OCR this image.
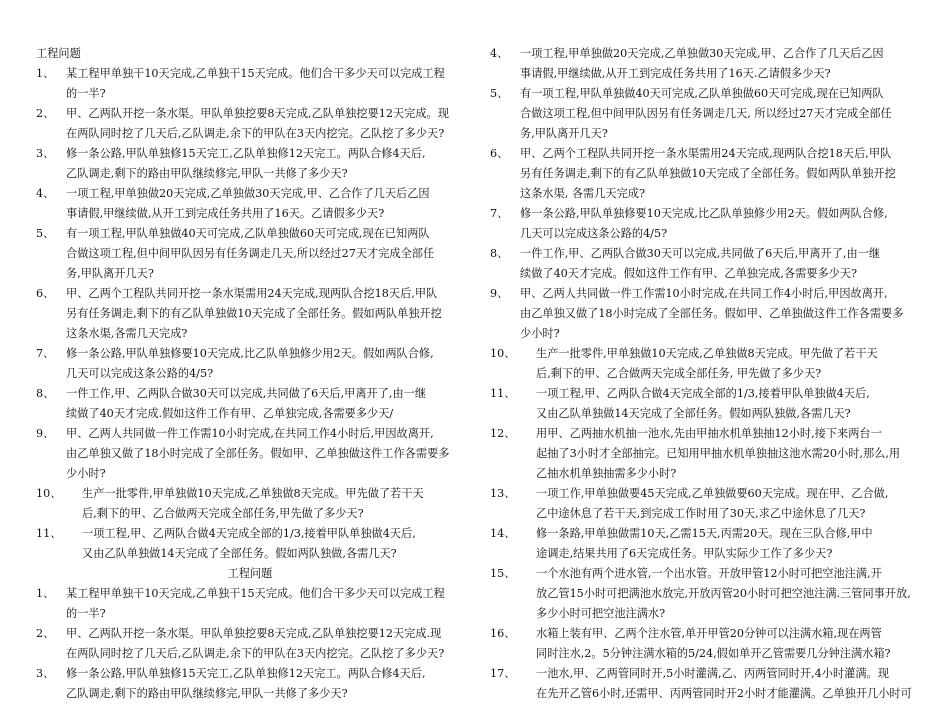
工程问题
1、	某工程甲单独干10天完成,乙单独干15天完成。他们合干多少天可以完成工程
的一半?
2、	甲、乙两队开挖一条水渠。甲队单独挖要8天完成,乙队单独挖要12天完成。现
在两队同时挖了几天后,乙队调走,余下的甲队在3天内挖完。乙队挖了多少天?
3、	修一条公路,甲队单独修15天完工,乙队单独修12天完工。两队合修4天后,
乙队调走,剩下的路由甲队继续修完,甲队一共修了多少天?
4、	一项工程,甲单独做20天完成,乙单独做30天完成,甲、乙合作了几天后乙因
事请假,甲继续做,从开工到完成任务共用了16天。乙请假多少天?
5、	有一项工程,甲队单独做40天可完成,乙队单独做60天可完成,现在已知两队
合做这项工程,但中间甲队因另有任务调走几天,所以经过27天才完成全部任
务,甲队离开几天?
6、	甲、乙两个工程队共同开挖一条水渠需用24天完成,现两队合挖18天后,甲队
另有任务调走,剩下的有乙队单独做10天完成了全部任务。假如两队单独开挖
这条水渠,各需几天完成?
7、	修一条公路,甲队单独修要10天完成,比乙队单独修少用2天。假如两队合修,
几天可以完成这条公路的4/5?
8、	一件工作,甲、乙两队合做30天可以完成,共同做了6天后,甲离开了,由一继
续做了40天才完成.假如这件工作有甲、乙单独完成,各需要多少天/
9、	甲、乙两人共同做一件工作需10小时完成,在共同工作4小时后,甲因故离开,
由乙单独又做了18小时完成了全部任务。假如甲、乙单独做这件工作各需要多
少小时?
10、	生产一批零件,甲单独做10天完成,乙单独做8天完成。甲先做了若干天
后,剩下的甲、乙合做两天完成全部任务,甲先做了多少天?
11、	一项工程,甲、乙两队合做4天完成全部的1/3,接着甲队单独做4天后,
又由乙队单独做14天完成了全部任务。假如两队独做,各需几天?
工程问题
1、	某工程甲单独干10天完成,乙单独干15天完成。他们合干多少天可以完成工程
的一半?
2、	甲、乙两队开挖一条水渠。甲队单独挖要8天完成,乙队单独挖要12天完成.现
在两队同时挖了几天后,乙队调走,余下的甲队在3天内挖完。乙队挖了多少天?
3、	修一条公路,甲队单独修15天完工,乙队单独修12天完工。两队合修4天后,
乙队调走,剩下的路由甲队继续修完,甲队一共修了多少天?
4、	一项工程,甲单独做20天完成,乙单独做30天完成,甲、乙合作了几天后乙因
事请假,甲继续做,从开工到完成任务共用了16天.乙请假多少天?
5、	有一项工程,甲队单独做40天可完成,乙队单独做60天可完成,现在已知两队
合做这项工程,但中间甲队因另有任务调走几天, 所以经过27天才完成全部任
务,甲队离开几天?
6、	甲、乙两个工程队共同开挖一条水渠需用24天完成,现两队合挖18天后,甲队
另有任务调走,剩下的有乙队单独做10天完成了全部任务。假如两队单独开挖
这条水渠, 各需几天完成?
7、	修一条公路,甲队单独修要10天完成,比乙队单独修少用2天。假如两队合修,
几天可以完成这条公路的4/5?
8、	一件工作,甲、乙两队合做30天可以完成,共同做了6天后,甲离开了,由一继
续做了40天才完成。假如这件工作有甲、乙单独完成,各需要多少天?
9、	甲、乙两人共同做一件工作需10小时完成,在共同工作4小时后,甲因故离开,
由乙单独又做了18小时完成了全部任务。假如甲、乙单独做这件工作各需要多
少小时?
10、	生产一批零件,甲单独做10天完成,乙单独做8天完成。甲先做了若干天
后,剩下的甲、乙合做两天完成全部任务, 甲先做了多少天?
11、	一项工程,甲、乙两队合做4天完成全部的1/3,接着甲队单独做4天后,
又由乙队单独做14天完成了全部任务。假如两队独做,各需几天?
12、	用甲、乙两抽水机抽一池水,先由甲抽水机单独抽12小时,接下来两台一
起抽了3小时才全部抽完。已知用甲抽水机单独抽这池水需20小时,那么,用
乙抽水机单独抽需多少小时?
13、	一项工作,甲单独做要45天完成,乙单独做要60天完成。现在甲、乙合做,
乙中途休息了若干天,到完成工作时用了30天,求乙中途休息了几天?
14、	修一条路,甲单独做需10天,乙需15天,丙需20天。现在三队合修,甲中
途调走,结果共用了6天完成任务。甲队实际少工作了多少天?
15、	一个水池有两个进水管,一个出水管。开放甲管12小时可把空池注满,开
放乙管15小时可把满池水放完,开放丙管20小时可把空池注满.三管同事开放,
多少小时可把空池注满水?
16、	水箱上装有甲、乙两个注水管,单开甲管20分钟可以注满水箱,现在两管
同时注水,2。5分钟注满水箱的5/24,假如单开乙管需要几分钟注满水箱?
17、	一池水,甲、乙两管同时开,5小时灌满,乙、丙两管同时开,4小时灌满。现
在先开乙管6小时,还需甲、丙两管同时开2小时才能灌满。乙单独开几小时可
